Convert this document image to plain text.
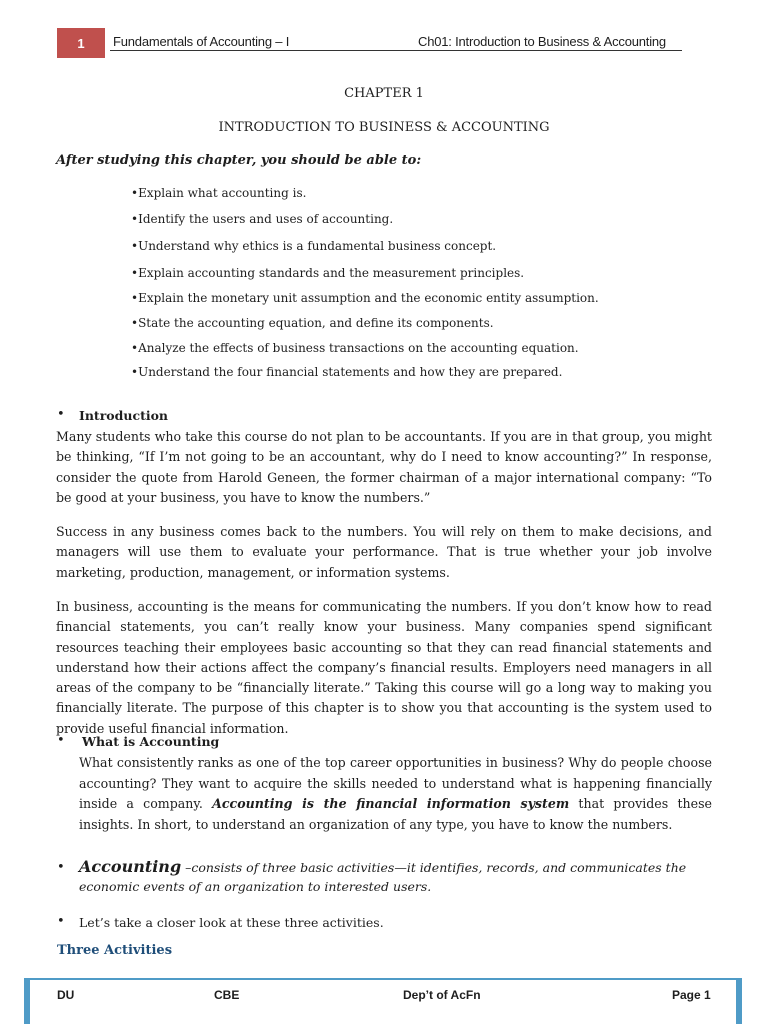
1	Fundamentals of Accounting – I	Ch01: Introduction to Business & Accounting
CHAPTER 1
INTRODUCTION TO BUSINESS & ACCOUNTING
After studying this chapter, you should be able to:
•Explain what accounting is.
•Identify the users and uses of accounting.
•Understand why ethics is a fundamental business concept.
•Explain accounting standards and the measurement principles.
•Explain the monetary unit assumption and the economic entity assumption.
•State the accounting equation, and define its components.
•Analyze the effects of business transactions on the accounting equation.
•Understand the four financial statements and how they are prepared.
• Introduction

Many students who take this course do not plan to be accountants. If you are in that group, you might be thinking, “If I’m not going to be an accountant, why do I need to know accounting?” In response, consider the quote from Harold Geneen, the former chairman of a major international company: “To be good at your business, you have to know the numbers.”

Success in any business comes back to the numbers. You will rely on them to make decisions, and managers will use them to evaluate your performance. That is true whether your job involve marketing, production, management, or information systems.

In business, accounting is the means for communicating the numbers. If you don’t know how to read financial statements, you can’t really know your business. Many companies spend significant resources teaching their employees basic accounting so that they can read financial statements and understand how their actions affect the company’s financial results. Employers need managers in all areas of the company to be “financially literate.” Taking this course will go a long way to making you financially literate. The purpose of this chapter is to show you that accounting is the system used to provide useful financial information.

• What is Accounting

What consistently ranks as one of the top career opportunities in business? Why do people choose accounting? They want to acquire the skills needed to understand what is happening financially inside a company. Accounting is the financial information system that provides these insights. In short, to understand an organization of any type, you have to know the numbers.

• Accounting –consists of three basic activities—it identifies, records, and communicates the economic events of an organization to interested users.

• Let’s take a closer look at these three activities.
Three Activities
DU	CBE	Dep’t of AcFn	Page 1
